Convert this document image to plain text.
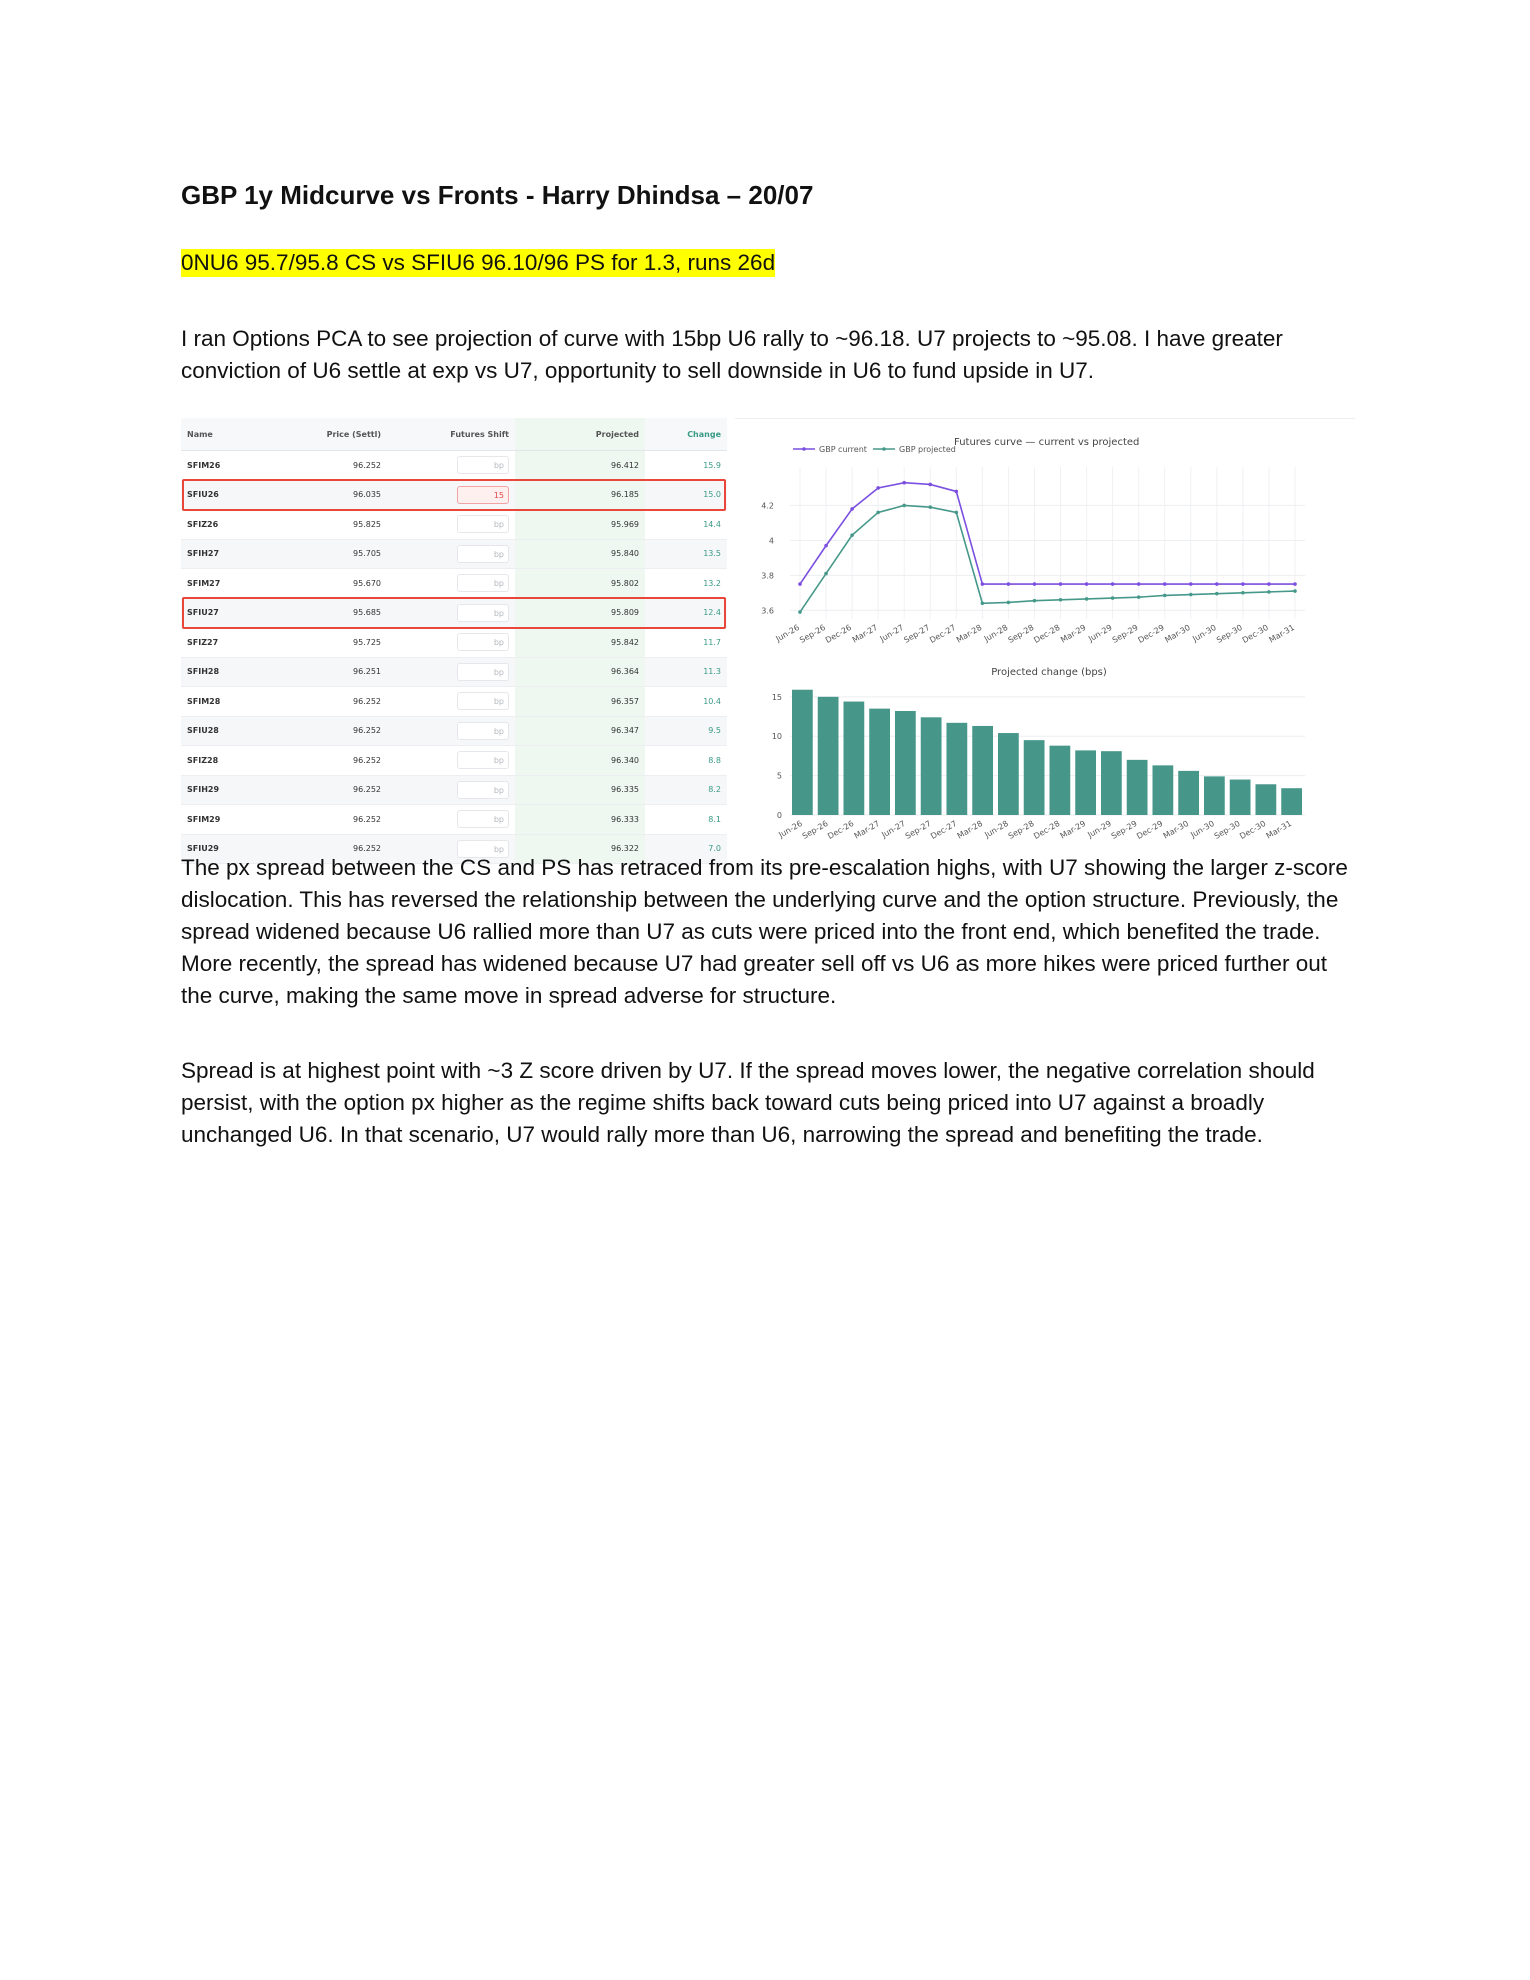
GBP 1y Midcurve vs Fronts - Harry Dhindsa – 20/07
0NU6 95.7/95.8 CS vs SFIU6 96.10/96 PS for 1.3, runs 26d

I ran Options PCA to see projection of curve with 15bp U6 rally to ~96.18. U7 projects to ~95.08. I have greater conviction of U6 settle at exp vs U7, opportunity to sell downside in U6 to fund upside in U7.

Name	Price (Settl)	Futures Shift	Projected	Change
SFIM26	96.252	bp	96.412	15.9
SFIU26	96.035	15	96.185	15.0
SFIZ26	95.825	bp	95.969	14.4
SFIH27	95.705	bp	95.840	13.5
SFIM27	95.670	bp	95.802	13.2
SFIU27	95.685	bp	95.809	12.4
SFIZ27	95.725	bp	95.842	11.7
SFIH28	96.251	bp	96.364	11.3
SFIM28	96.252	bp	96.357	10.4
SFIU28	96.252	bp	96.347	9.5
SFIZ28	96.252	bp	96.340	8.8
SFIH29	96.252	bp	96.335	8.2
SFIM29	96.252	bp	96.333	8.1
SFIU29	96.252	bp	96.322	7.0
3.6
3.8
4
4.2
Jun-26
Sep-26
Dec-26
Mar-27 Jun-27
Sep-27
Dec-27
Mar-28 Jun-28
Sep-28
Dec-28
Mar-29 Jun-29
Sep-29
Dec-29
Mar-30 Jun-30
Sep-30
Dec-30
Mar-31
GBP current	GBP projected
Futures curve — current vs projected
0
5
10
15
Jun-26
Sep-26
Dec-26
Mar-27 Jun-27
Sep-27
Dec-27
Mar-28 Jun-28
Sep-28
Dec-28
Mar-29 Jun-29
Sep-29
Dec-29
Mar-30 Jun-30
Sep-30
Dec-30
Mar-31
Projected change (bps)

The px spread between the CS and PS has retraced from its pre-escalation highs, with U7 showing the larger z-score dislocation. This has reversed the relationship between the underlying curve and the option structure. Previously, the spread widened because U6 rallied more than U7 as cuts were priced into the front end, which benefited the trade. More recently, the spread has widened because U7 had greater sell off vs U6 as more hikes were priced further out the curve, making the same move in spread adverse for structure.

Spread is at highest point with ~3 Z score driven by U7. If the spread moves lower, the negative correlation should persist, with the option px higher as the regime shifts back toward cuts being priced into U7 against a broadly unchanged U6. In that scenario, U7 would rally more than U6, narrowing the spread and benefiting the trade.
